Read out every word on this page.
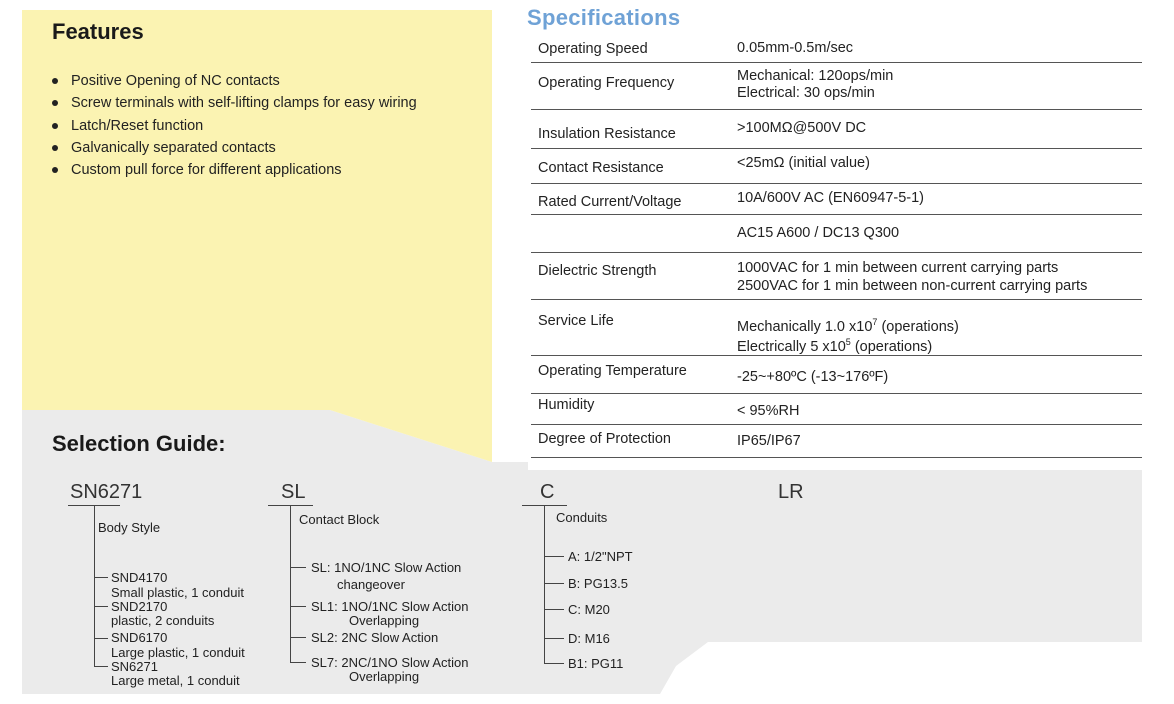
Features
Positive Opening of NC contacts
Screw terminals with self-lifting clamps for easy wiring
Latch/Reset function
Galvanically separated contacts
Custom pull force for different applications
Specifications
Operating Speed	0.05mm-0.5m/sec
Operating Frequency	Mechanical: 120ops/min
Electrical: 30 ops/min
Insulation Resistance	>100MΩ@500V DC
Contact Resistance	<25mΩ (initial value)
Rated Current/Voltage	10A/600V AC (EN60947-5-1)
AC15 A600 / DC13 Q300
Dielectric Strength	1000VAC for 1 min between current carrying parts
2500VAC for 1 min between non-current carrying parts
Service Life	Mechanically 1.0 $x10^7$ (operations)
Electrically 5 $x10^5$ (operations)
Operating Temperature	-25~+80ºC (-13~176ºF)
Humidity	< 95%RH
Degree of Protection	IP65/IP67
Selection Guide:
SN6271	SL	C	LR
Body Style
SND4170
Small plastic, 1 conduit
SND2170
plastic, 2 conduits
SND6170
Large plastic, 1 conduit
SN6271
Large metal, 1 conduit
Contact Block
SL: 1NO/1NC Slow Action
changeover
SL1: 1NO/1NC Slow Action
Overlapping
SL2: 2NC Slow Action
SL7: 2NC/1NO Slow Action
Overlapping
Conduits
A: 1/2"NPT
B: PG13.5
C: M20
D: M16
B1: PG11
